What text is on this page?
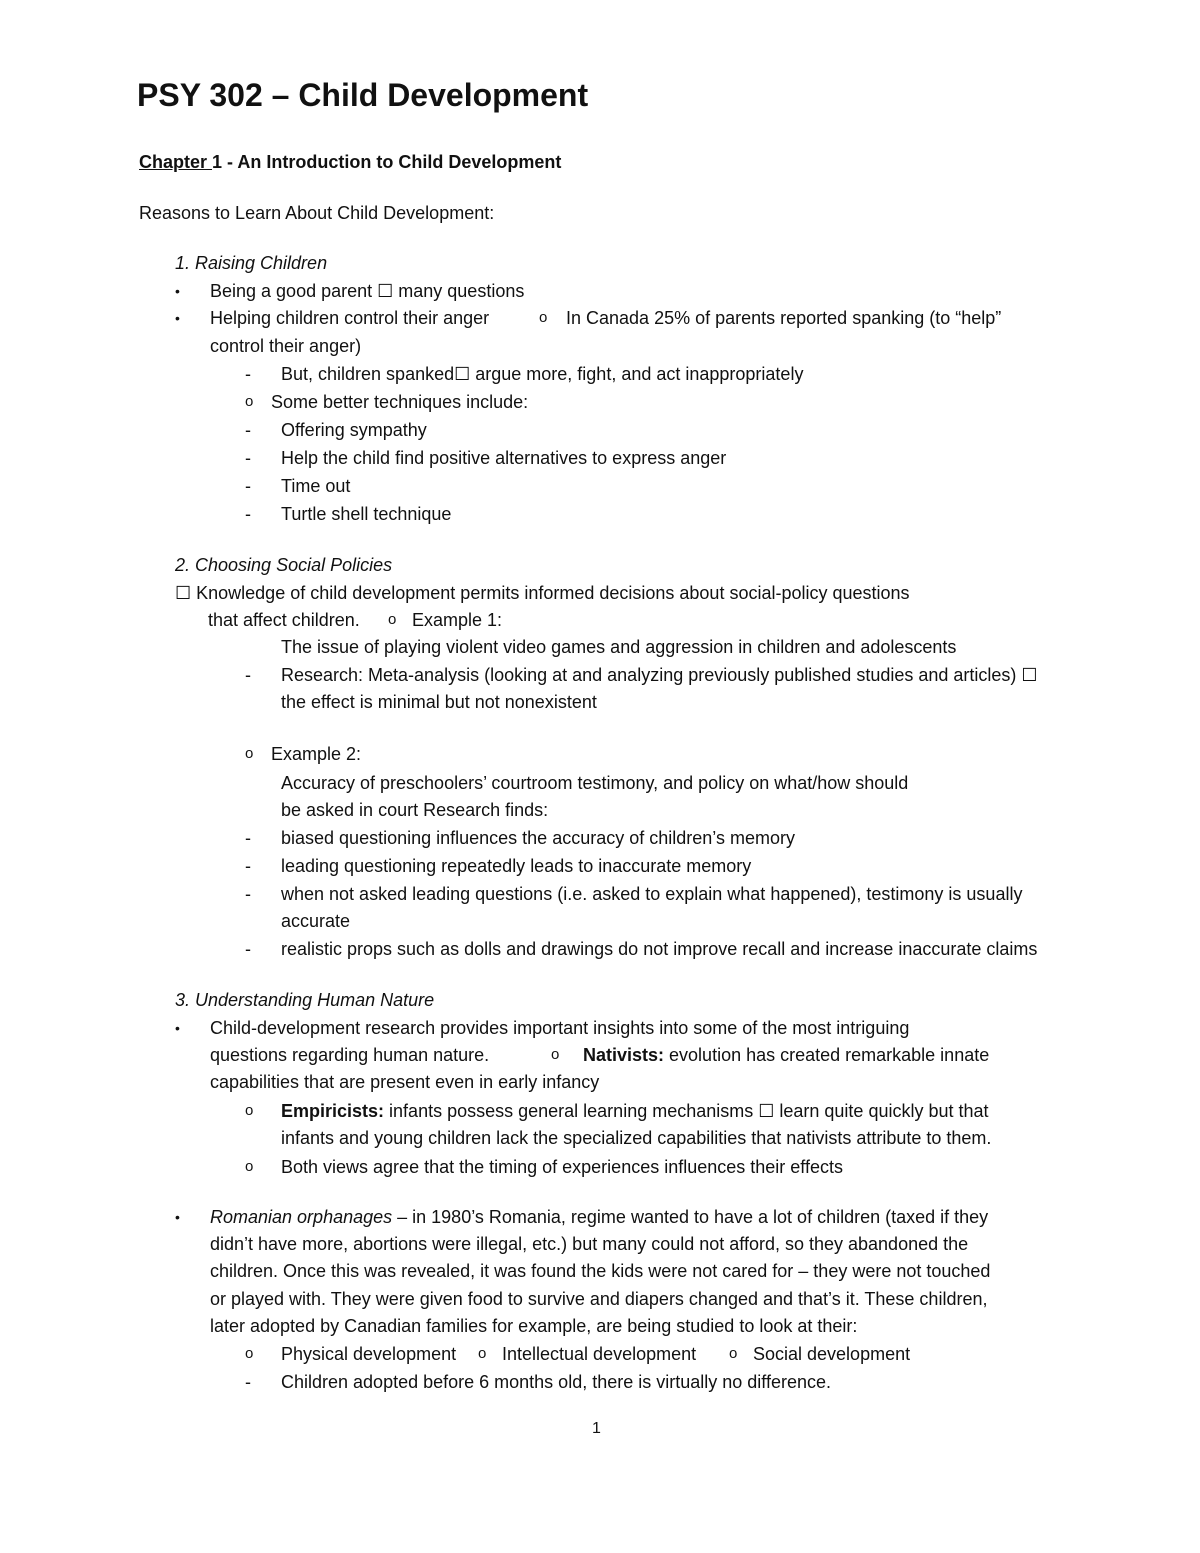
PSY 302 – Child Development
Chapter 1 - An Introduction to Child Development
Reasons to Learn About Child Development:
1. Raising Children
• Being a good parent ☐ many questions
• Helping children control their anger	o In Canada 25% of parents reported spanking (to “help”
control their anger)
- But, children spanked☐ argue more, fight, and act inappropriately
o Some better techniques include:
- Offering sympathy
- Help the child find positive alternatives to express anger
- Time out
- Turtle shell technique
2. Choosing Social Policies
☐ Knowledge of child development permits informed decisions about social-policy questions
that affect children. o Example 1:
The issue of playing violent video games and aggression in children and adolescents
- Research: Meta-analysis (looking at and analyzing previously published studies and articles) ☐
the effect is minimal but not nonexistent
o Example 2:
Accuracy of preschoolers’ courtroom testimony, and policy on what/how should
be asked in court Research finds:
- biased questioning influences the accuracy of children’s memory
- leading questioning repeatedly leads to inaccurate memory
- when not asked leading questions (i.e. asked to explain what happened), testimony is usually
accurate
- realistic props such as dolls and drawings do not improve recall and increase inaccurate claims
3. Understanding Human Nature
• Child-development research provides important insights into some of the most intriguing
questions regarding human nature.	o Nativists: evolution has created remarkable innate
capabilities that are present even in early infancy
o Empiricists: infants possess general learning mechanisms ☐ learn quite quickly but that
infants and young children lack the specialized capabilities that nativists attribute to them.
o Both views agree that the timing of experiences influences their effects
• Romanian orphanages – in 1980’s Romania, regime wanted to have a lot of children (taxed if they
didn’t have more, abortions were illegal, etc.) but many could not afford, so they abandoned the
children. Once this was revealed, it was found the kids were not cared for – they were not touched
or played with. They were given food to survive and diapers changed and that’s it. These children,
later adopted by Canadian families for example, are being studied to look at their:
o Physical development o Intellectual development o Social development
- Children adopted before 6 months old, there is virtually no difference.
1
